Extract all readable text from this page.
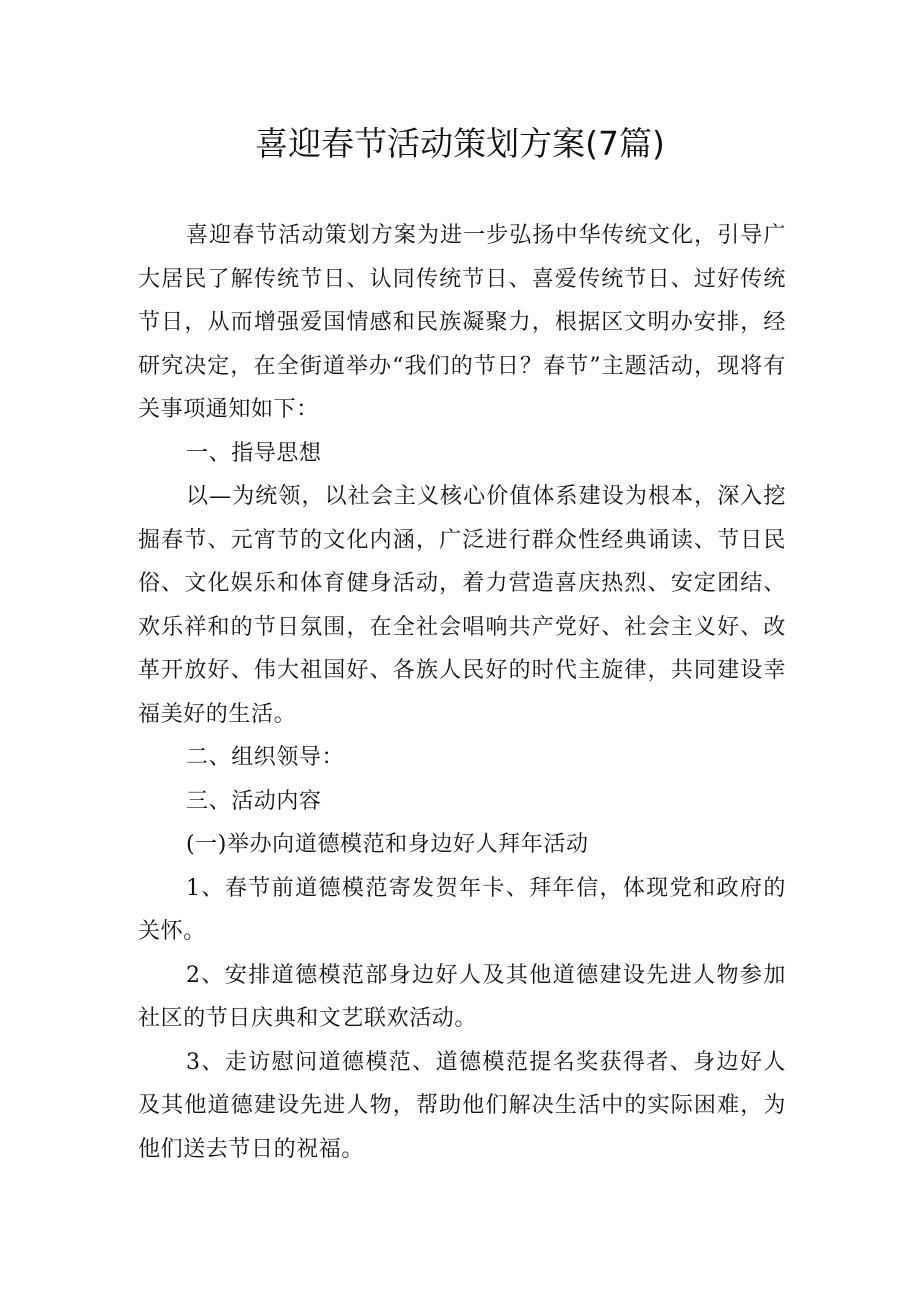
喜迎春节活动策划方案(7篇)

喜迎春节活动策划方案为进一步弘扬中华传统文化，引导广大居民了解传统节日、认同传统节日、喜爱传统节日、过好传统节日，从而增强爱国情感和民族凝聚力，根据区文明办安排，经研究决定，在全街道举办“我们的节日？春节”主题活动，现将有关事项通知如下：

一、指导思想

以—为统领，以社会主义核心价值体系建设为根本，深入挖掘春节、元宵节的文化内涵，广泛进行群众性经典诵读、节日民俗、文化娱乐和体育健身活动，着力营造喜庆热烈、安定团结、欢乐祥和的节日氛围，在全社会唱响共产党好、社会主义好、改革开放好、伟大祖国好、各族人民好的时代主旋律，共同建设幸福美好的生活。

二、组织领导：

三、活动内容

(一)举办向道德模范和身边好人拜年活动

1、春节前道德模范寄发贺年卡、拜年信，体现党和政府的关怀。

2、安排道德模范部身边好人及其他道德建设先进人物参加社区的节日庆典和文艺联欢活动。

3、走访慰问道德模范、道德模范提名奖获得者、身边好人及其他道德建设先进人物，帮助他们解决生活中的实际困难，为他们送去节日的祝福。
